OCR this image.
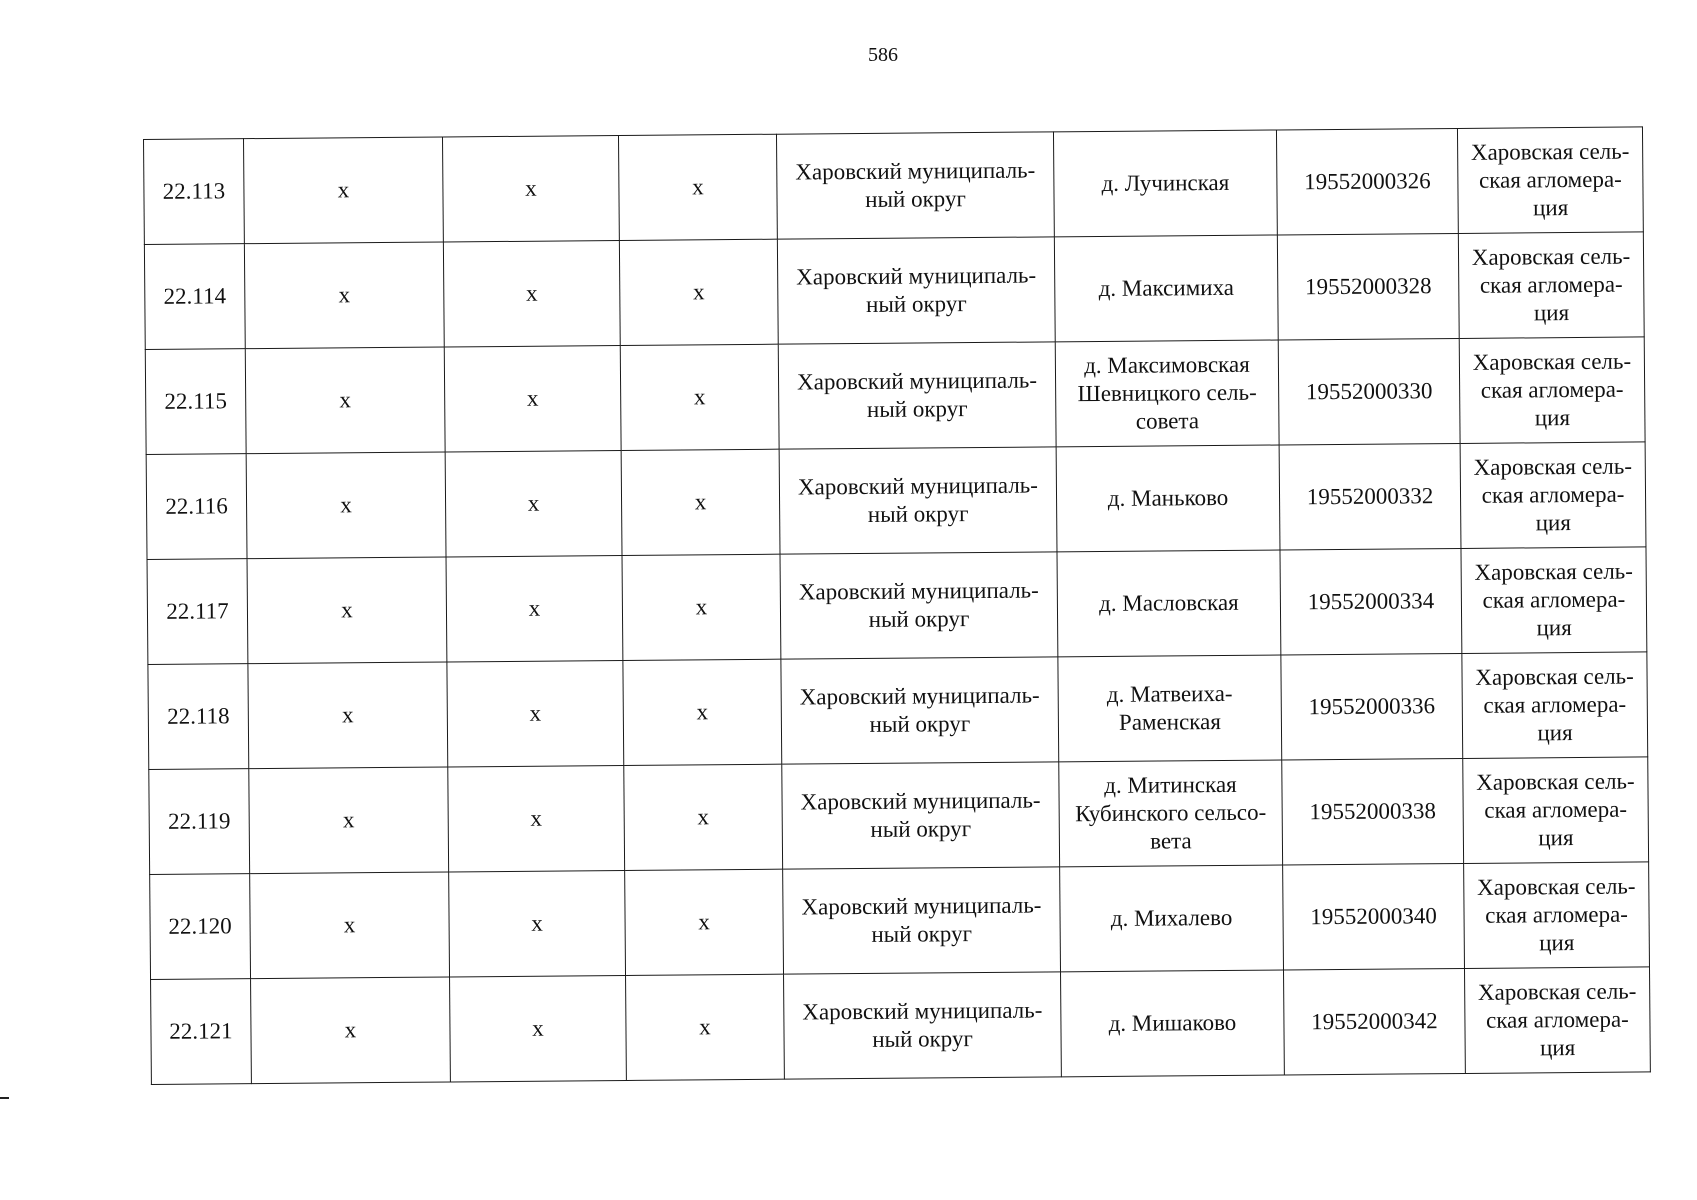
586
22.113	х	х	х	Харовский муниципаль-ный округ	д. Лучинская	19552000326	Харовская сель-ская агломера-ция
22.114	х	х	х	Харовский муниципаль-ный округ	д. Максимиха	19552000328	Харовская сель-ская агломера-ция
22.115	х	х	х	Харовский муниципаль-ный округ	д. Максимовская Шевницкого сель-совета	19552000330	Харовская сель-ская агломера-ция
22.116	х	х	х	Харовский муниципаль-ный округ	д. Маньково	19552000332	Харовская сель-ская агломера-ция
22.117	х	х	х	Харовский муниципаль-ный округ	д. Масловская	19552000334	Харовская сель-ская агломера-ция
22.118	х	х	х	Харовский муниципаль-ный округ	д. Матвеиха-Раменская	19552000336	Харовская сель-ская агломера-ция
22.119	х	х	х	Харовский муниципаль-ный округ	д. Митинская Кубинского сельсо-вета	19552000338	Харовская сель-ская агломера-ция
22.120	х	х	х	Харовский муниципаль-ный округ	д. Михалево	19552000340	Харовская сель-ская агломера-ция
22.121	х	х	х	Харовский муниципаль-ный округ	д. Мишаково	19552000342	Харовская сель-ская агломера-ция
